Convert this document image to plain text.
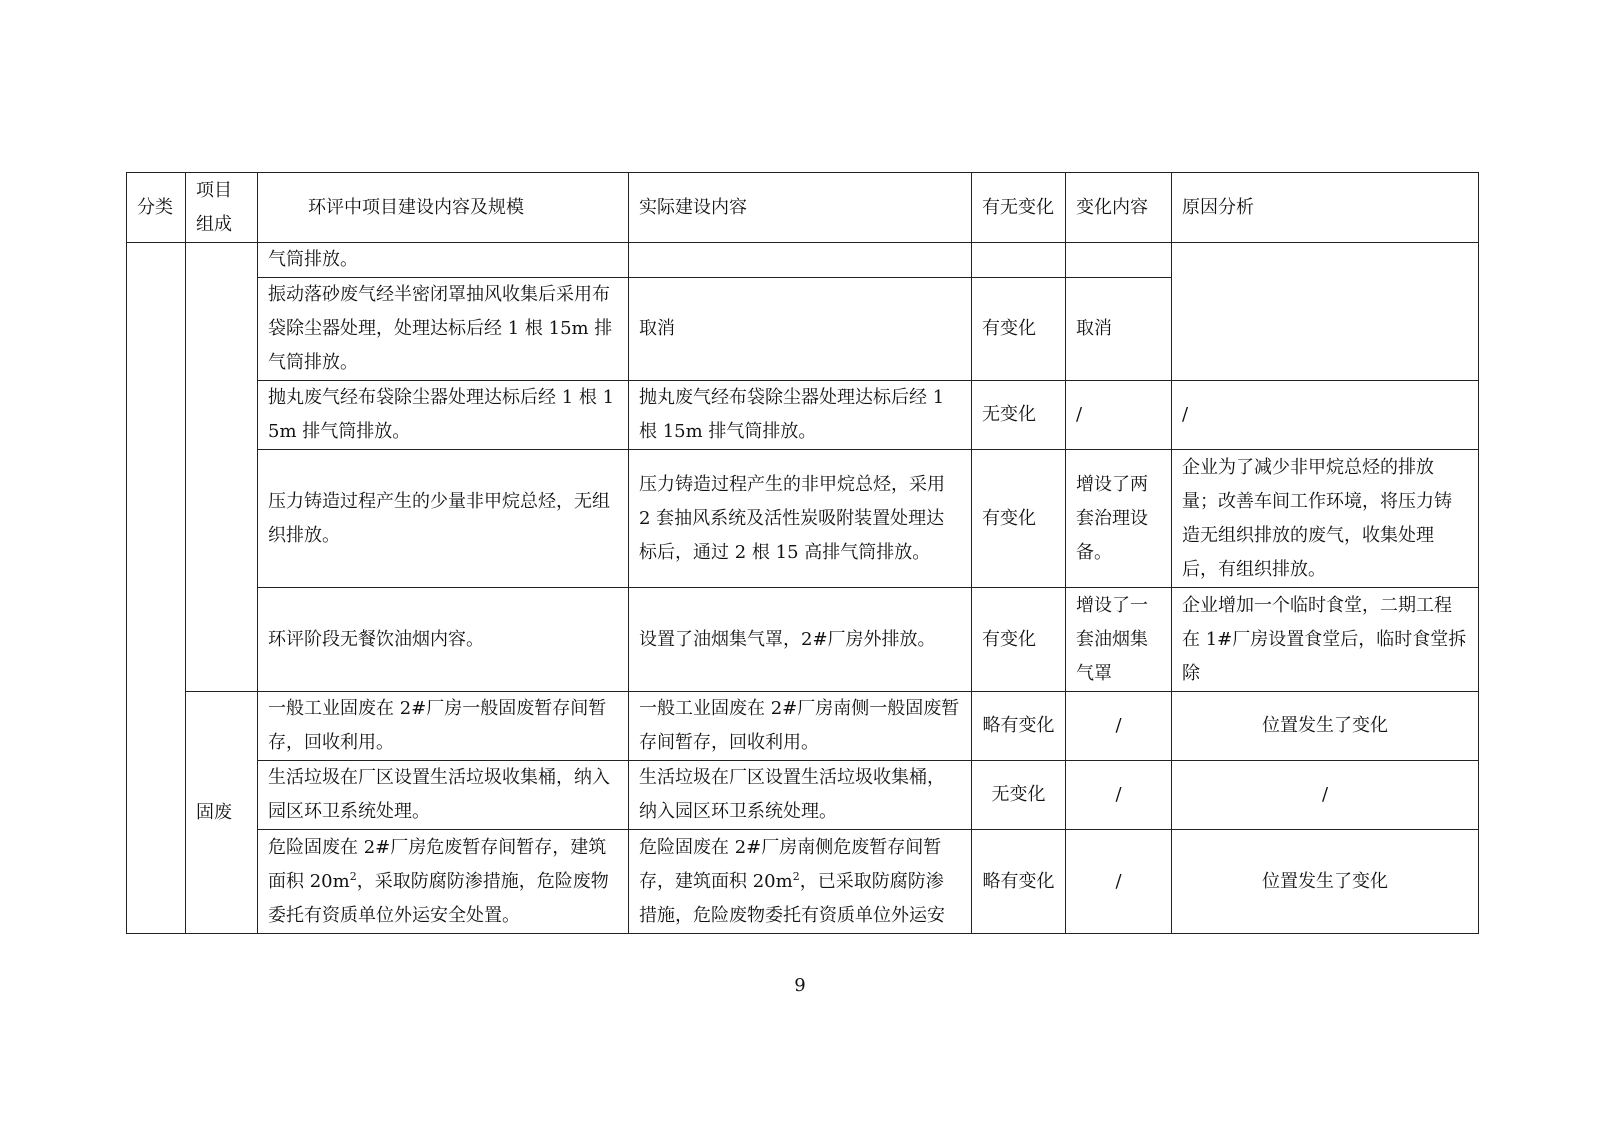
分类	项目组成	环评中项目建设内容及规模	实际建设内容	有无变化	变化内容	原因分析
		气筒排放。				
		振动落砂废气经半密闭罩抽风收集后采用布袋除尘器处理，处理达标后经 1 根 15m 排气筒排放。	取消	有变化	取消	
		抛丸废气经布袋除尘器处理达标后经 1 根 15m 排气筒排放。	抛丸废气经布袋除尘器处理达标后经 1 根 15m 排气筒排放。	无变化	/	/
		压力铸造过程产生的少量非甲烷总烃，无组织排放。	压力铸造过程产生的非甲烷总烃，采用 2 套抽风系统及活性炭吸附装置处理达标后，通过 2 根 15 高排气筒排放。	有变化	增设了两套治理设备。	企业为了减少非甲烷总烃的排放量；改善车间工作环境，将压力铸造无组织排放的废气，收集处理后，有组织排放。
		环评阶段无餐饮油烟内容。	设置了油烟集气罩，2#厂房外排放。	有变化	增设了一套油烟集气罩	企业增加一个临时食堂，二期工程在 1#厂房设置食堂后，临时食堂拆除
	固废	一般工业固废在 2#厂房一般固废暂存间暂存，回收利用。	一般工业固废在 2#厂房南侧一般固废暂存间暂存，回收利用。	略有变化	/	位置发生了变化
		生活垃圾在厂区设置生活垃圾收集桶，纳入园区环卫系统处理。	生活垃圾在厂区设置生活垃圾收集桶，纳入园区环卫系统处理。	无变化	/	/
		危险固废在 2#厂房危废暂存间暂存，建筑面积 $20m^2$，采取防腐防渗措施，危险废物委托有资质单位外运安全处置。	危险固废在 2#厂房南侧危废暂存间暂存，建筑面积 $20m^2$，已采取防腐防渗措施，危险废物委托有资质单位外运安	略有变化	/	位置发生了变化
9
